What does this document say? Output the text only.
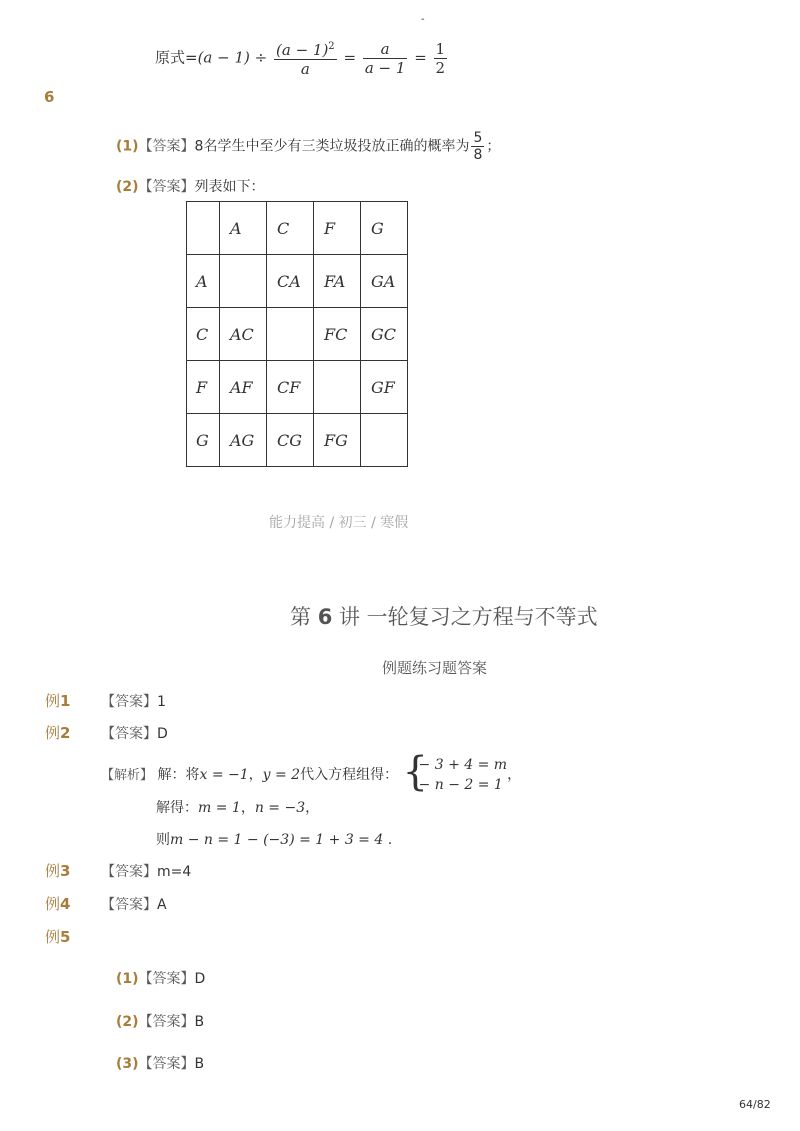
-
原式$=(a - 1) \div \frac{(a - 1)^2}{a} = \frac{a}{a - 1} = \frac{1}{2}$
6
(1)【答案】8名学生中至少有三类垃圾投放正确的概率为 $\frac{5}{8}$ ；
(2)【答案】列表如下：
	A	C	F	G
A		CA	FA	GA
C	AC		FC	GC
F	AF	CF		GF
G	AG	CG	FG	
能力提高 / 初三 / 寒假
第 6 讲 一轮复习之方程与不等式
例题练习题答案
例1 【答案】1
例2 【答案】D
【解析】 解：将x = −1，y = 2代入方程组得： {
− 3 + 4 = m
− n − 2 = 1
，
解得：m = 1，n = −3，
则m − n = 1 − (−3) = 1 + 3 = 4 .
例3 【答案】m=4
例4 【答案】A
例5
(1)【答案】D
(2)【答案】B
(3)【答案】B
64/82
